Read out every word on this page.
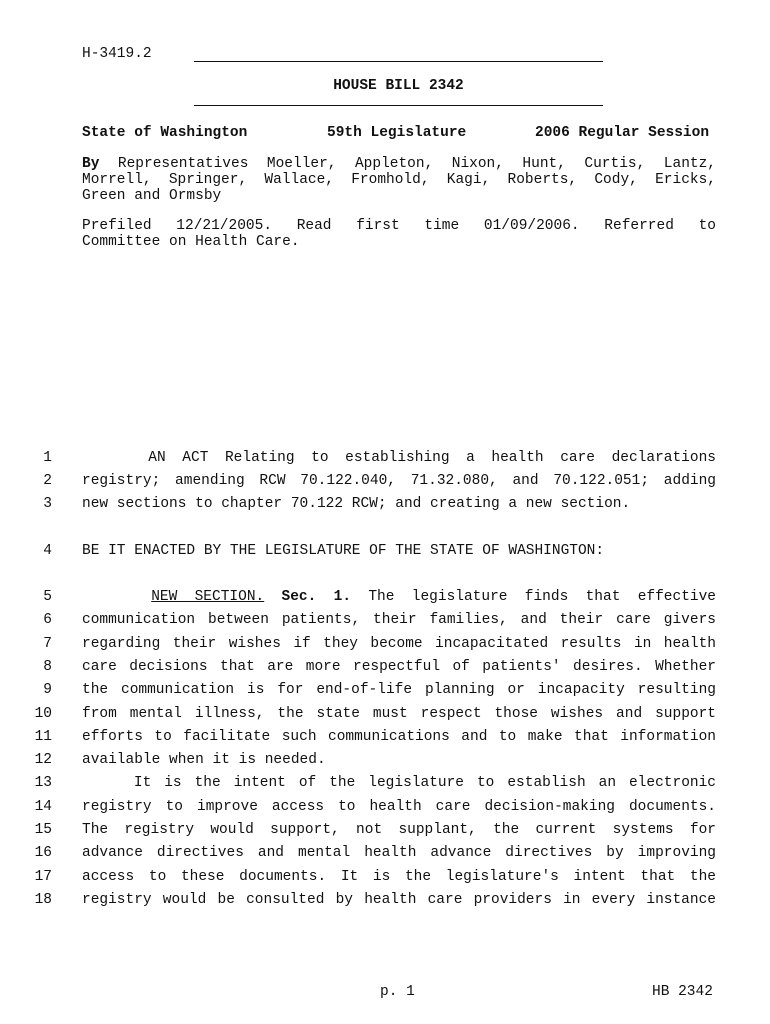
H-3419.2
HOUSE BILL 2342
State of Washington	59th Legislature	2006 Regular Session
By Representatives Moeller, Appleton, Nixon, Hunt, Curtis, Lantz,
Morrell, Springer, Wallace, Fromhold, Kagi, Roberts, Cody, Ericks,
Green and Ormsby
Prefiled 12/21/2005. Read first time 01/09/2006. Referred to
Committee on Health Care.
1 AN ACT Relating to establishing a health care declarations
2 registry; amending RCW 70.122.040, 71.32.080, and 70.122.051; adding
3 new sections to chapter 70.122 RCW; and creating a new section.
4 BE IT ENACTED BY THE LEGISLATURE OF THE STATE OF WASHINGTON:
5	NEW SECTION. Sec. 1. The legislature finds that effective
6 communication between patients, their families, and their care givers
7 regarding their wishes if they become incapacitated results in health
8 care decisions that are more respectful of patients' desires. Whether
9 the communication is for end-of-life planning or incapacity resulting
10 from mental illness, the state must respect those wishes and support
11 efforts to facilitate such communications and to make that information
12 available when it is needed.
13 It is the intent of the legislature to establish an electronic
14 registry to improve access to health care decision-making documents.
15 The registry would support, not supplant, the current systems for
16 advance directives and mental health advance directives by improving
17 access to these documents. It is the legislature's intent that the
18 registry would be consulted by health care providers in every instance
p. 1	HB 2342
